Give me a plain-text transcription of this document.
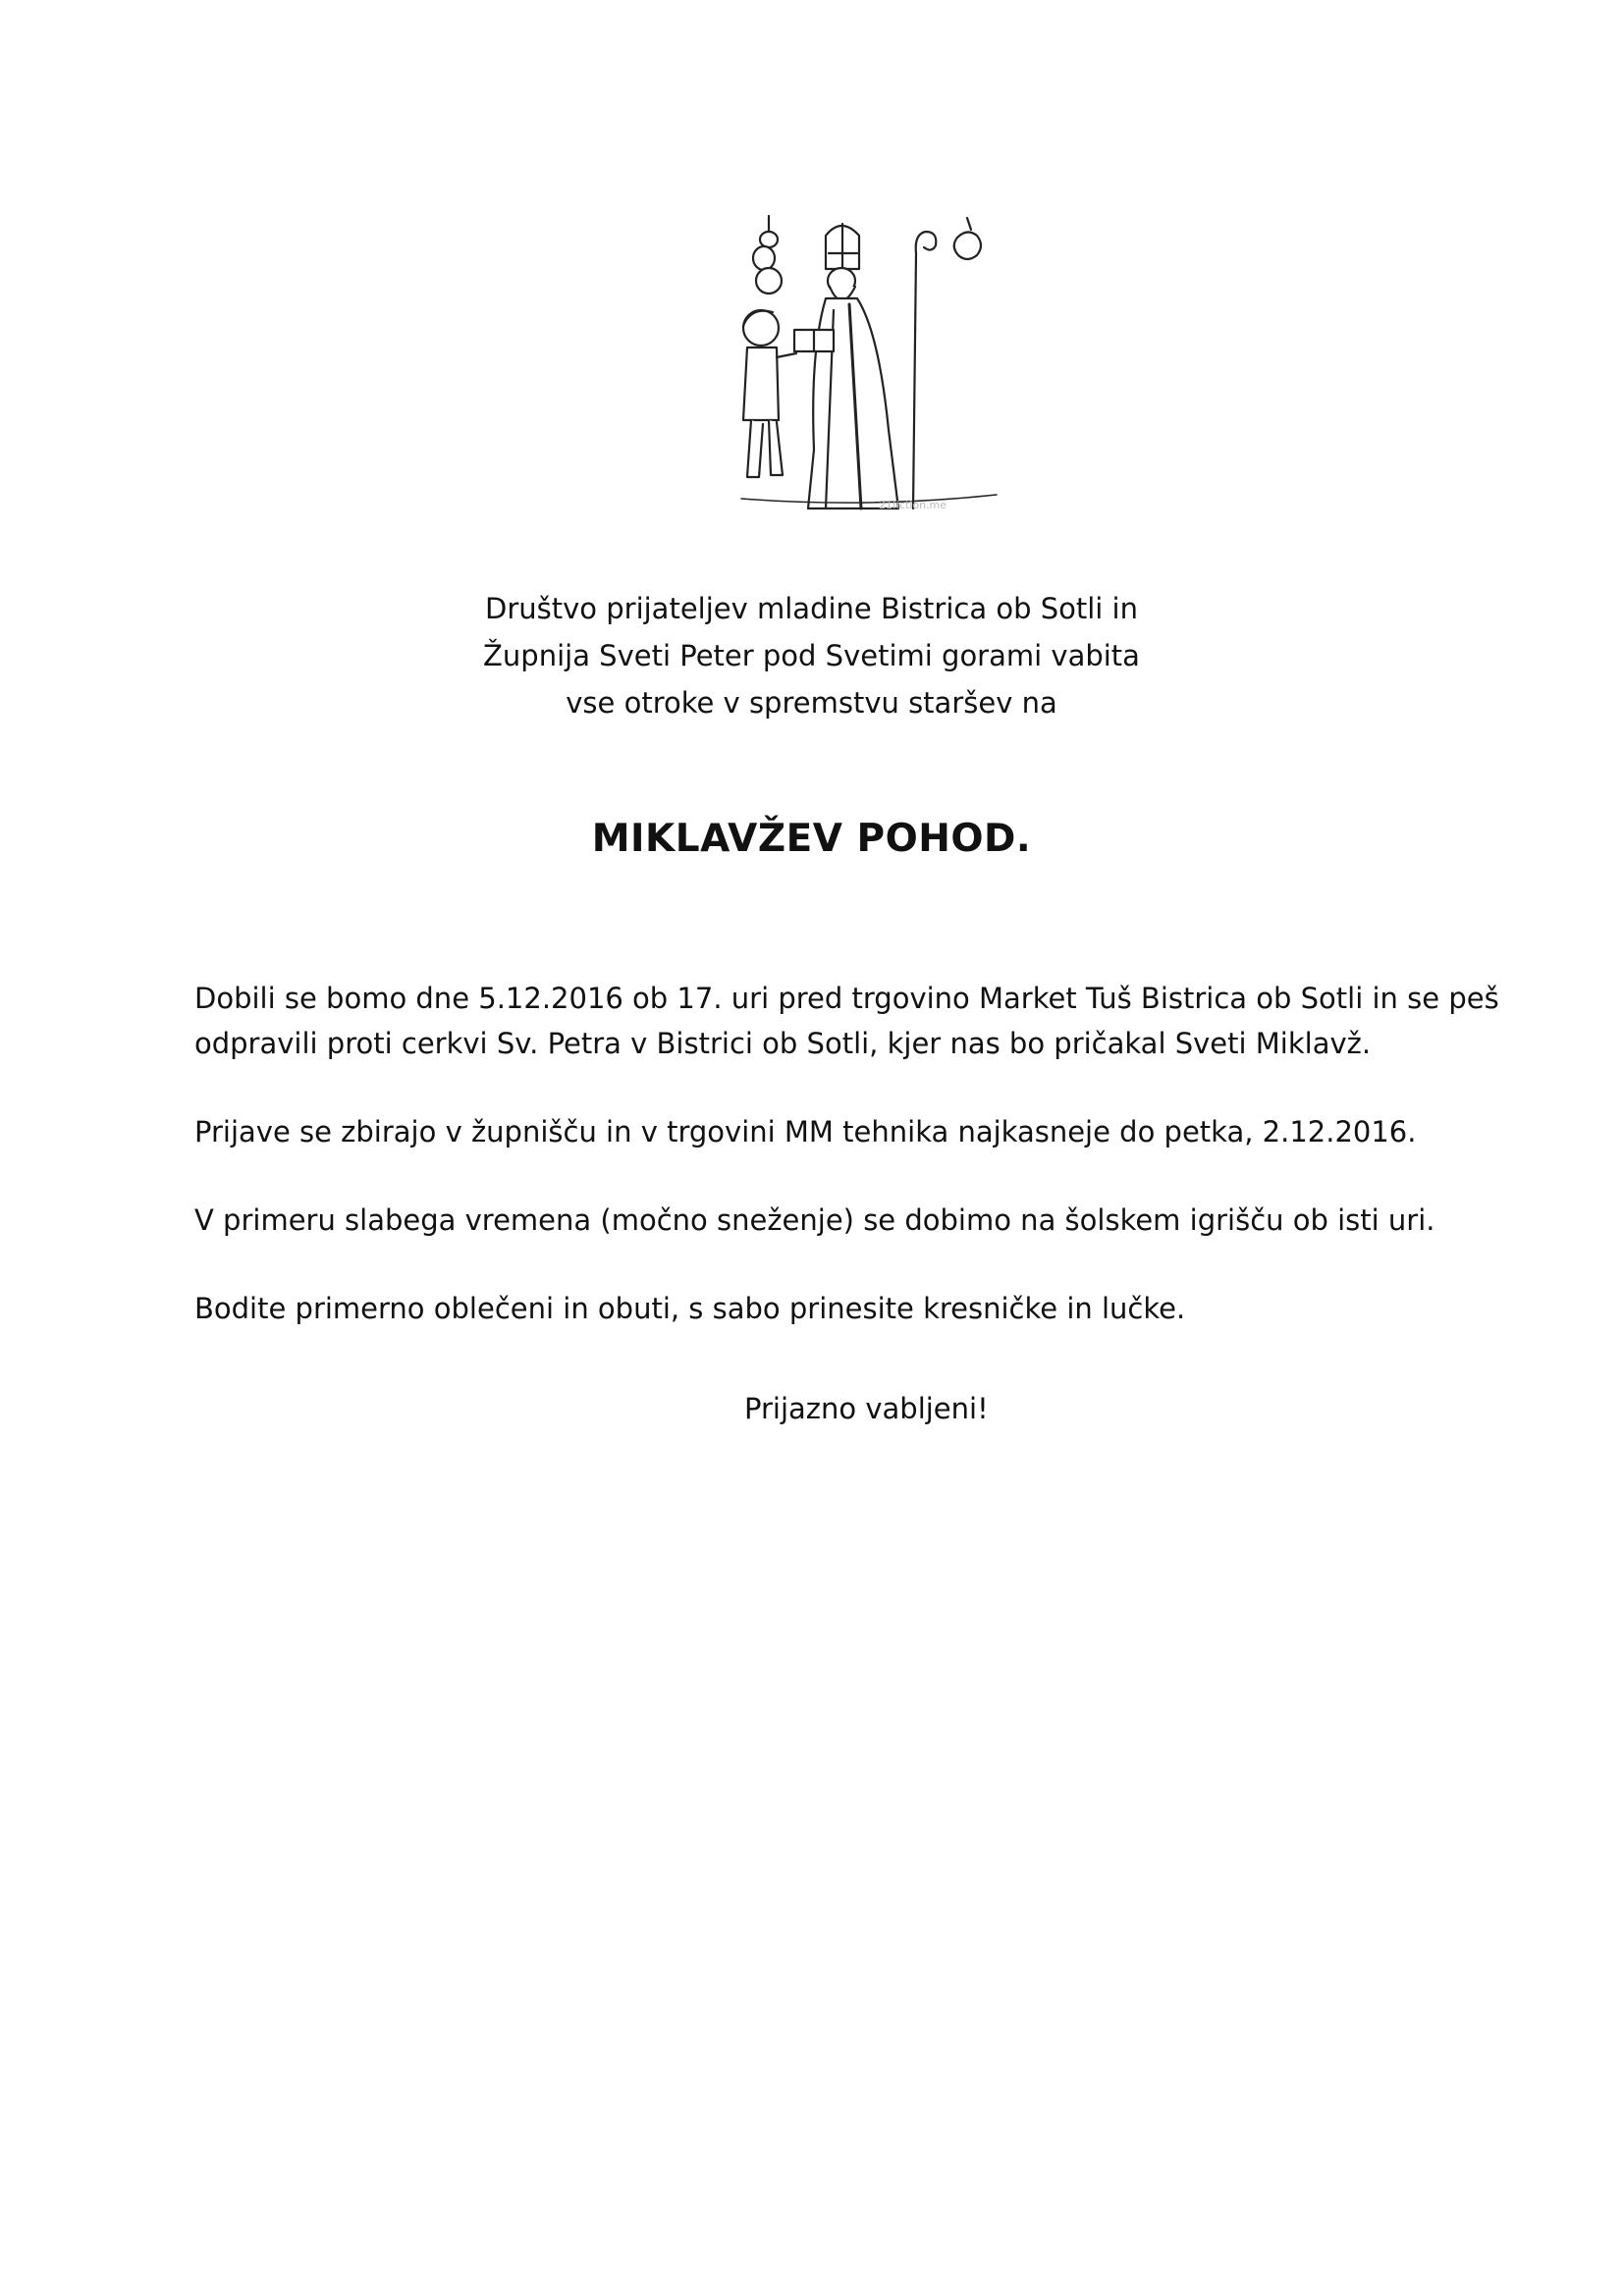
21fiction.me
Društvo prijateljev mladine Bistrica ob Sotli in
Župnija Sveti Peter pod Svetimi gorami vabita
vse otroke v spremstvu staršev na
MIKLAVŽEV POHOD.
Dobili se bomo dne 5.12.2016 ob 17. uri pred trgovino Market Tuš Bistrica ob Sotli in se peš
odpravili proti cerkvi Sv. Petra v Bistrici ob Sotli, kjer nas bo pričakal Sveti Miklavž.
Prijave se zbirajo v župnišču in v trgovini MM tehnika najkasneje do petka, 2.12.2016.
V primeru slabega vremena (močno sneženje) se dobimo na šolskem igrišču ob isti uri.
Bodite primerno oblečeni in obuti, s sabo prinesite kresničke in lučke.
Prijazno vabljeni!
